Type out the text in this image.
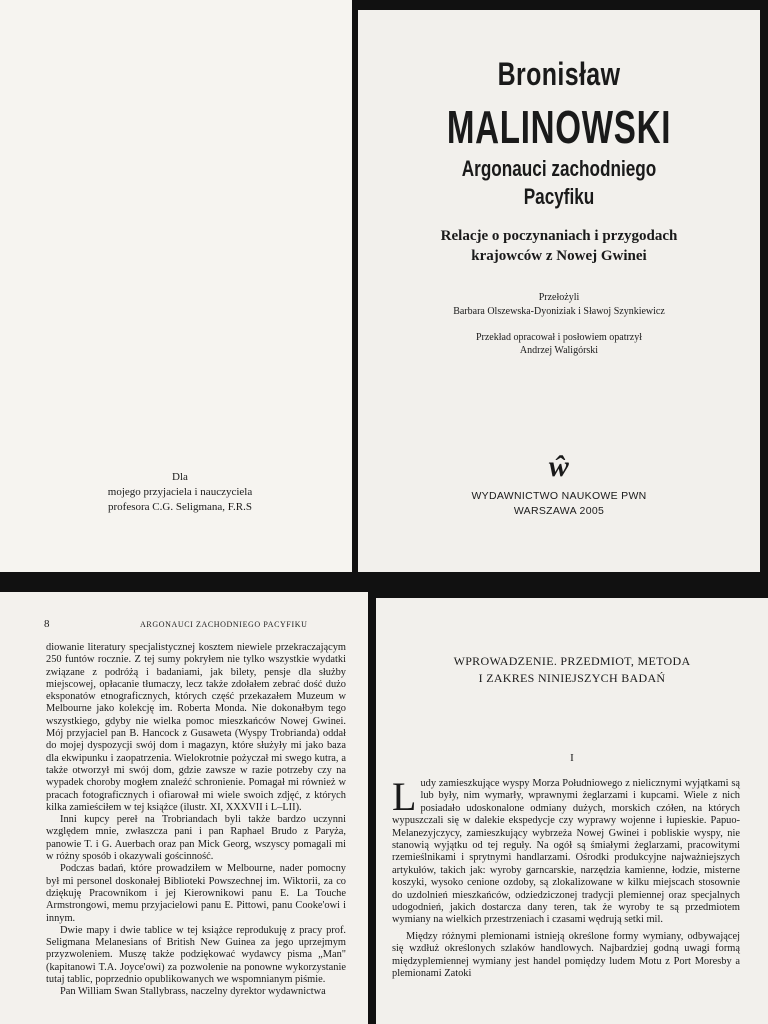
Dla
mojego przyjaciela i nauczyciela
profesora C.G. Seligmana, F.R.S
Bronisław
MALINOWSKI
Argonauci zachodniego
Pacyfiku
Relacje o poczynaniach i przygodach
krajowców z Nowej Gwinei
Przełożyli
Barbara Olszewska-Dyoniziak i Sławoj Szynkiewicz
Przekład opracował i posłowiem opatrzył
Andrzej Waligórski
ŵ
WYDAWNICTWO NAUKOWE PWN
WARSZAWA 2005
8	ARGONAUCI ZACHODNIEGO PACYFIKU

diowanie literatury specjalistycznej kosztem niewiele przekraczającym 250 funtów rocznie. Z tej sumy pokryłem nie tylko wszystkie wydatki związane z podróżą i badaniami, jak bilety, pensje dla służby miejscowej, opłacanie tłumaczy, lecz także zdołałem zebrać dość dużo eksponatów etnograficznych, których część przekazałem Muzeum w Melbourne jako kolekcję im. Roberta Monda. Nie dokonałbym tego wszystkiego, gdyby nie wielka pomoc mieszkańców Nowej Gwinei. Mój przyjaciel pan B. Hancock z Gusaweta (Wyspy Trobrianda) oddał do mojej dyspozycji swój dom i magazyn, które służyły mi jako baza dla ekwipunku i zaopatrzenia. Wielokrotnie pożyczał mi swego kutra, a także otworzył mi swój dom, gdzie zawsze w razie potrzeby czy na wypadek choroby mogłem znaleźć schronienie. Pomagał mi również w pracach fotograficznych i ofiarował mi wiele swoich zdjęć, z których kilka zamieściłem w tej książce (ilustr. XI, XXXVII i L–LII).

Inni kupcy pereł na Trobriandach byli także bardzo uczynni względem mnie, zwłaszcza pani i pan Raphael Brudo z Paryża, panowie T. i G. Auerbach oraz pan Mick Georg, wszyscy pomagali mi w różny sposób i okazywali gościnność.

Podczas badań, które prowadziłem w Melbourne, nader pomocny był mi personel doskonałej Biblioteki Powszechnej im. Wiktorii, za co dziękuję Pracownikom i jej Kierownikowi panu E. La Touche Armstrongowi, memu przyjacielowi panu E. Pittowi, panu Cooke'owi i innym.

Dwie mapy i dwie tablice w tej książce reprodukuję z pracy prof. Seligmana Melanesians of British New Guinea za jego uprzejmym przyzwoleniem. Muszę także podziękować wydawcy pisma „Man" (kapitanowi T.A. Joyce'owi) za pozwolenie na ponowne wykorzystanie tutaj tablic, poprzednio opublikowanych we wspomnianym piśmie.

Pan William Swan Stallybrass, naczelny dyrektor wydawnictwa

WPROWADZENIE. PRZEDMIOT, METODA
I ZAKRES NINIEJSZYCH BADAŃ
I

Ludy zamieszkujące wyspy Morza Południowego z nielicznymi wyjątkami są lub były, nim wymarły, wprawnymi żeglarzami i kupcami. Wiele z nich posiadało udoskonalone odmiany dużych, morskich czółen, na których wypuszczali się w dalekie ekspedycje czy wyprawy wojenne i łupieskie. Papuo-Melanezyjczycy, zamieszkujący wybrzeża Nowej Gwinei i pobliskie wyspy, nie stanowią wyjątku od tej reguły. Na ogół są śmiałymi żeglarzami, pracowitymi rzemieślnikami i sprytnymi handlarzami. Ośrodki produkcyjne najważniejszych artykułów, takich jak: wyroby garncarskie, narzędzia kamienne, łodzie, misterne koszyki, wysoko cenione ozdoby, są zlokalizowane w kilku miejscach stosownie do uzdolnień mieszkańców, odziedziczonej tradycji plemiennej oraz specjalnych udogodnień, jakich dostarcza dany teren, tak że wyroby te są przedmiotem wymiany na wielkich przestrzeniach i czasami wędrują setki mil.

Między różnymi plemionami istnieją określone formy wymiany, odbywającej się wzdłuż określonych szlaków handlowych. Najbardziej godną uwagi formą międzyplemiennej wymiany jest handel pomiędzy ludem Motu z Port Moresby a plemionami Zatoki
